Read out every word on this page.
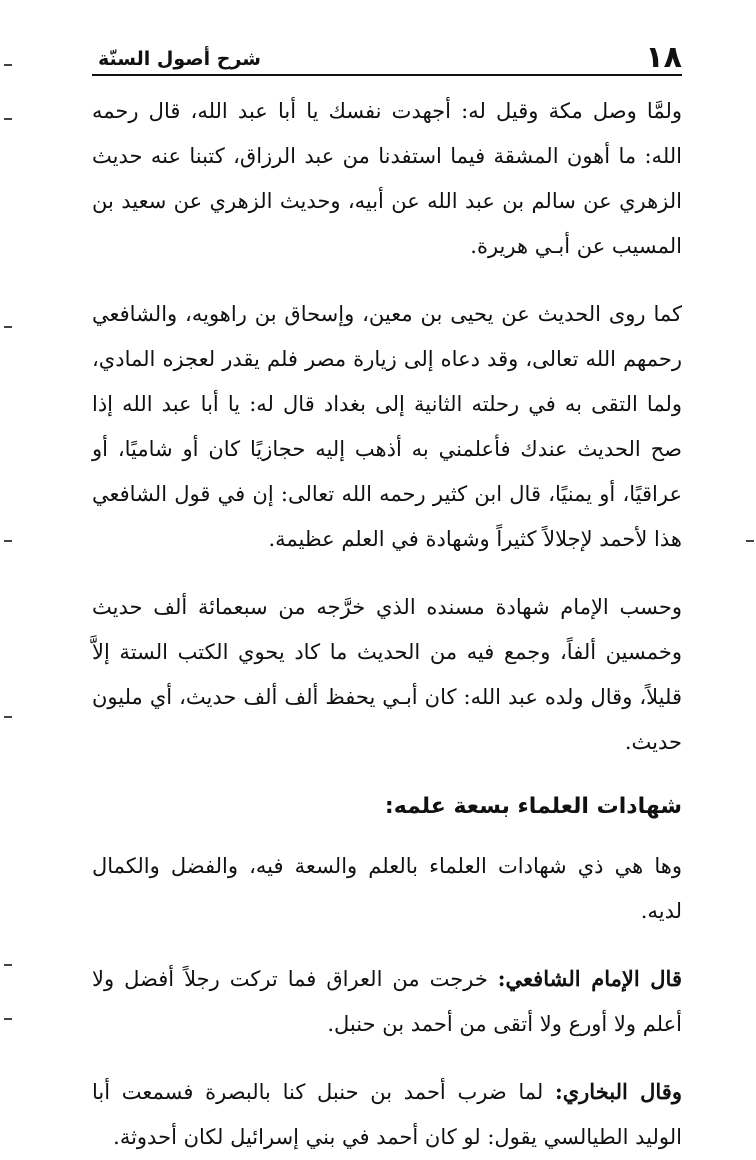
١٨
شرح أصول السنّة

ولمَّا وصل مكة وقيل له: أجهدت نفسك يا أبا عبد الله، قال رحمه الله: ما أهون المشقة فيما استفدنا من عبد الرزاق، كتبنا عنه حديث الزهري عن سالم بن عبد الله عن أبيه، وحديث الزهري عن سعيد بن المسيب عن أبـي هريرة.

كما روى الحديث عن يحيى بن معين، وإسحاق بن راهويه، والشافعي رحمهم الله تعالى، وقد دعاه إلى زيارة مصر فلم يقدر لعجزه المادي، ولما التقى به في رحلته الثانية إلى بغداد قال له: يا أبا عبد الله إذا صح الحديث عندك فأعلمني به أذهب إليه حجازيًا كان أو شاميًا، أو عراقيًا، أو يمنيًا، قال ابن كثير رحمه الله تعالى: إن في قول الشافعي هذا لأحمد لإجلالاً كثيراً وشهادة في العلم عظيمة.

وحسب الإمام شهادة مسنده الذي خرَّجه من سبعمائة ألف حديث وخمسين ألفاً، وجمع فيه من الحديث ما كاد يحوي الكتب الستة إلاَّ قليلاً، وقال ولده عبد الله: كان أبـي يحفظ ألف ألف حديث، أي مليون حديث.

شهادات العلماء بسعة علمه:

وها هي ذي شهادات العلماء بالعلم والسعة فيه، والفضل والكمال لديه.

قال الإمام الشافعي: خرجت من العراق فما تركت رجلاً أفضل ولا أعلم ولا أورع ولا أتقى من أحمد بن حنبل.

وقال البخاري: لما ضرب أحمد بن حنبل كنا بالبصرة فسمعت أبا الوليد الطيالسي يقول: لو كان أحمد في بني إسرائيل لكان أحدوثة.
